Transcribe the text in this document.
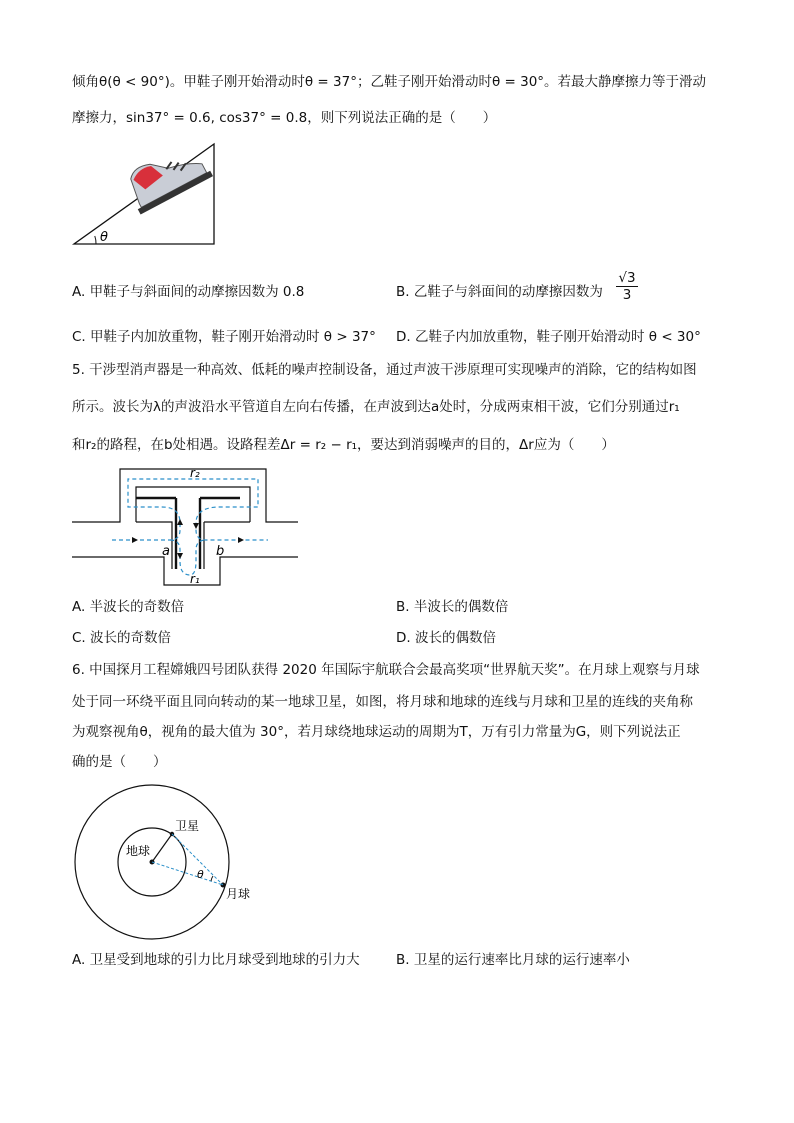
倾角θ(θ < 90°)。甲鞋子刚开始滑动时θ = 37°；乙鞋子刚开始滑动时θ = 30°。若最大静摩擦力等于滑动
摩擦力，sin37° = 0.6, cos37° = 0.8，则下列说法正确的是（　　）
θ
A. 甲鞋子与斜面间的动摩擦因数为 0.8	B. 乙鞋子与斜面间的动摩擦因数为 $\frac{√3}{3}$
C. 甲鞋子内加放重物，鞋子刚开始滑动时 θ > 37° D. 乙鞋子内加放重物，鞋子刚开始滑动时 θ < 30°
5. 干涉型消声器是一种高效、低耗的噪声控制设备，通过声波干涉原理可实现噪声的消除，它的结构如图
所示。波长为λ的声波沿水平管道自左向右传播，在声波到达a处时，分成两束相干波，它们分别通过r₁
和r₂的路程，在b处相遇。设路程差Δr = r₂ − r₁，要达到消弱噪声的目的，Δr应为（　　）
r₂
r₁
a	b
A. 半波长的奇数倍	B. 半波长的偶数倍
C. 波长的奇数倍	D. 波长的偶数倍
6. 中国探月工程嫦娥四号团队获得 2020 年国际宇航联合会最高奖项“世界航天奖”。在月球上观察与月球
处于同一环绕平面且同向转动的某一地球卫星，如图，将月球和地球的连线与月球和卫星的连线的夹角称
为观察视角θ，视角的最大值为 30°，若月球绕地球运动的周期为T，万有引力常量为G，则下列说法正
确的是（　　）
卫星
地球
月球
θ
A. 卫星受到地球的引力比月球受到地球的引力大	B. 卫星的运行速率比月球的运行速率小
